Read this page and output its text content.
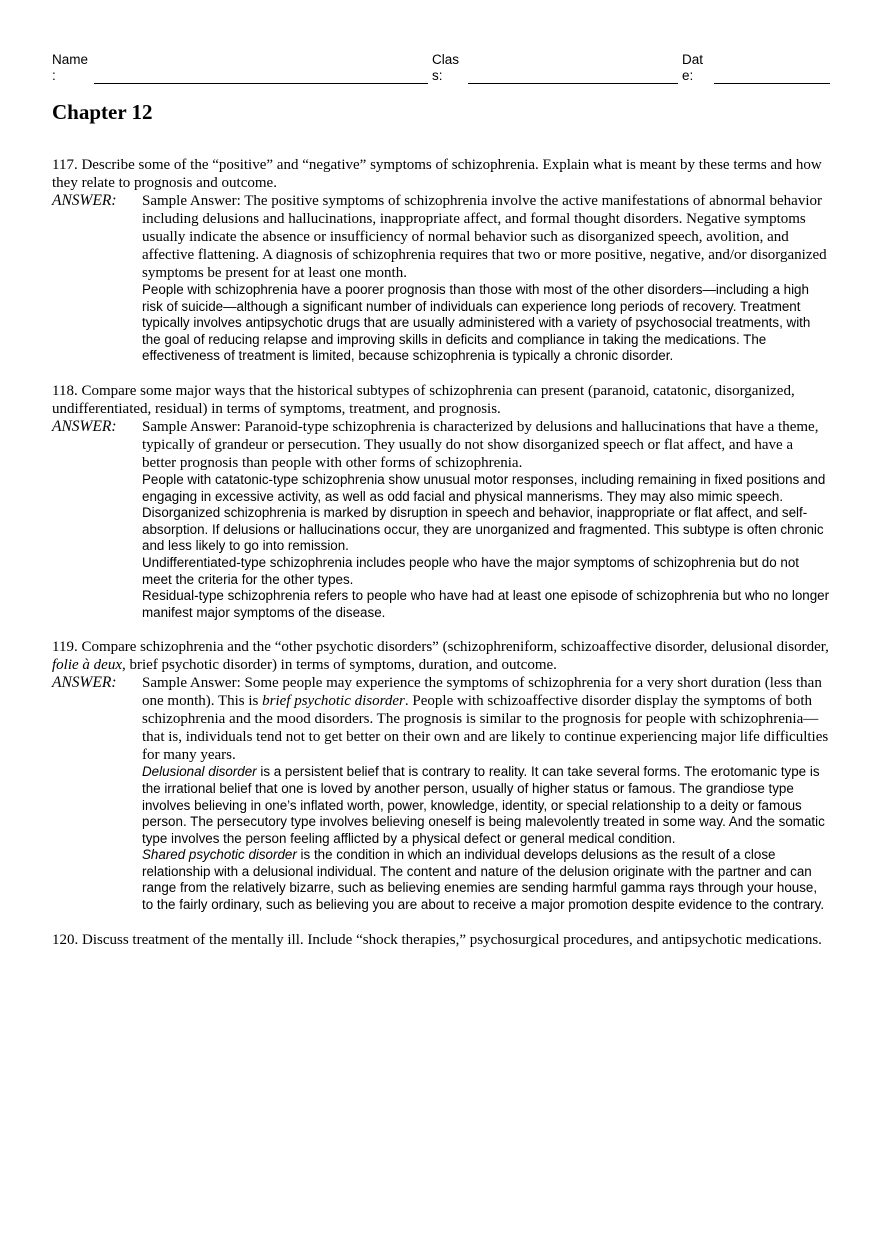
Name
:
Clas
s:
Dat
e:
Chapter 12
117. Describe some of the “positive” and “negative” symptoms of schizophrenia. Explain what is meant by these terms and how they relate to prognosis and outcome.
ANSWER: Sample Answer: The positive symptoms of schizophrenia involve the active manifestations of abnormal behavior including delusions and hallucinations, inappropriate affect, and formal thought disorders. Negative symptoms usually indicate the absence or insufficiency of normal behavior such as disorganized speech, avolition, and affective flattening. A diagnosis of schizophrenia requires that two or more positive, negative, and/or disorganized symptoms be present for at least one month.
People with schizophrenia have a poorer prognosis than those with most of the other disorders—including a high risk of suicide—although a significant number of individuals can experience long periods of recovery. Treatment typically involves antipsychotic drugs that are usually administered with a variety of psychosocial treatments, with the goal of reducing relapse and improving skills in deficits and compliance in taking the medications. The effectiveness of treatment is limited, because schizophrenia is typically a chronic disorder.
118. Compare some major ways that the historical subtypes of schizophrenia can present (paranoid, catatonic, disorganized, undifferentiated, residual) in terms of symptoms, treatment, and prognosis.
ANSWER: Sample Answer: Paranoid-type schizophrenia is characterized by delusions and hallucinations that have a theme, typically of grandeur or persecution. They usually do not show disorganized speech or flat affect, and have a better prognosis than people with other forms of schizophrenia.
People with catatonic-type schizophrenia show unusual motor responses, including remaining in fixed positions and engaging in excessive activity, as well as odd facial and physical mannerisms. They may also mimic speech.
Disorganized schizophrenia is marked by disruption in speech and behavior, inappropriate or flat affect, and self-absorption. If delusions or hallucinations occur, they are unorganized and fragmented. This subtype is often chronic and less likely to go into remission.
Undifferentiated-type schizophrenia includes people who have the major symptoms of schizophrenia but do not meet the criteria for the other types.
Residual-type schizophrenia refers to people who have had at least one episode of schizophrenia but who no longer manifest major symptoms of the disease.
119. Compare schizophrenia and the “other psychotic disorders” (schizophreniform, schizoaffective disorder, delusional disorder, folie à deux, brief psychotic disorder) in terms of symptoms, duration, and outcome.
ANSWER: Sample Answer: Some people may experience the symptoms of schizophrenia for a very short duration (less than one month). This is brief psychotic disorder. People with schizoaffective disorder display the symptoms of both schizophrenia and the mood disorders. The prognosis is similar to the prognosis for people with schizophrenia—that is, individuals tend not to get better on their own and are likely to continue experiencing major life difficulties for many years.
Delusional disorder is a persistent belief that is contrary to reality. It can take several forms. The erotomanic type is the irrational belief that one is loved by another person, usually of higher status or famous. The grandiose type involves believing in one’s inflated worth, power, knowledge, identity, or special relationship to a deity or famous person. The persecutory type involves believing oneself is being malevolently treated in some way. And the somatic type involves the person feeling afflicted by a physical defect or general medical condition.
Shared psychotic disorder is the condition in which an individual develops delusions as the result of a close relationship with a delusional individual. The content and nature of the delusion originate with the partner and can range from the relatively bizarre, such as believing enemies are sending harmful gamma rays through your house, to the fairly ordinary, such as believing you are about to receive a major promotion despite evidence to the contrary.
120. Discuss treatment of the mentally ill. Include “shock therapies,” psychosurgical procedures, and antipsychotic medications.
